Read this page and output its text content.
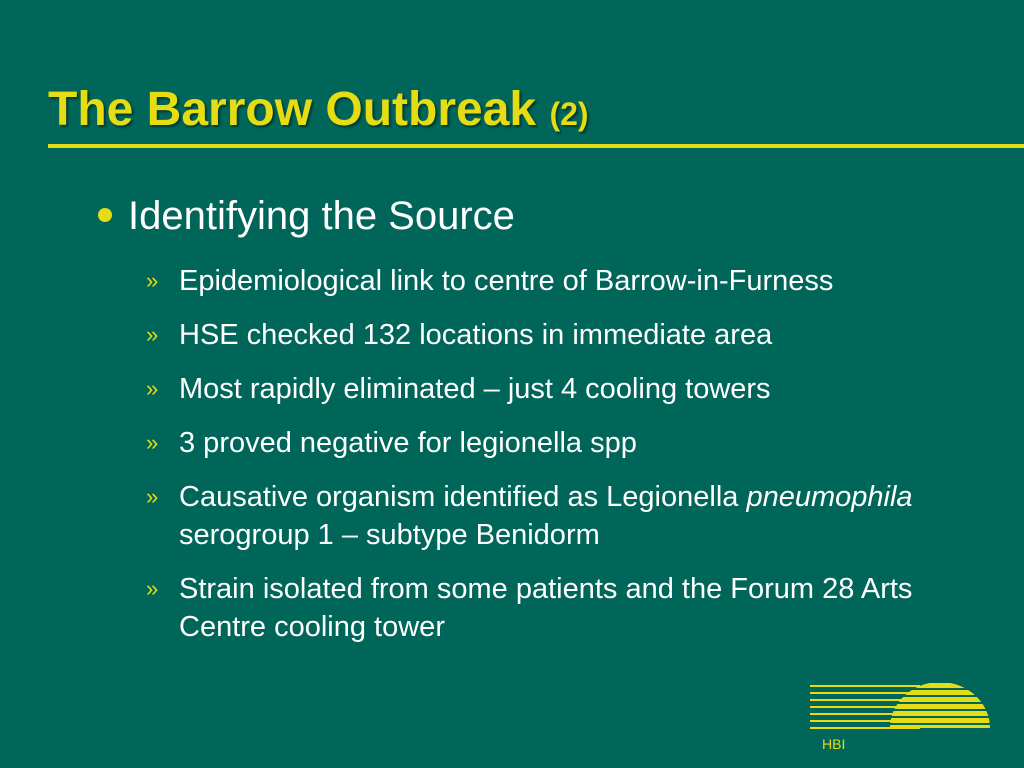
The Barrow Outbreak (2)
Identifying the Source
» Epidemiological link to centre of Barrow-in-Furness
» HSE checked 132 locations in immediate area
» Most rapidly eliminated – just 4 cooling towers
» 3 proved negative for legionella spp
» Causative organism identified as Legionella pneumophila serogroup 1 – subtype Benidorm
» Strain isolated from some patients and the Forum 28 Arts Centre cooling tower
HBI
